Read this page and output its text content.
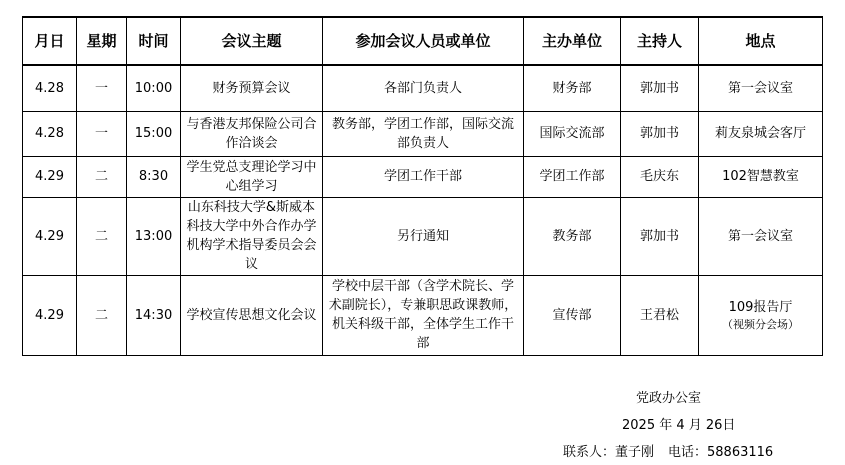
月日	星期	时间	会议主题	参加会议人员或单位	主办单位	主持人	地点
4.28	一	10:00	财务预算会议	各部门负责人	财务部	郭加书	第一会议室
4.28	一	15:00	与香港友邦保险公司合作洽谈会	教务部，学团工作部，国际交流部负责人	国际交流部	郭加书	莉友泉城会客厅
4.29	二	8:30	学生党总支理论学习中心组学习	学团工作干部	学团工作部	毛庆东	102智慧教室
4.29	二	13:00	山东科技大学&斯威本科技大学中外合作办学机构学术指导委员会会议	另行通知	教务部	郭加书	第一会议室
4.29	二	14:30	学校宣传思想文化会议	学校中层干部（含学术院长、学术副院长），专兼职思政课教师，机关科级干部，全体学生工作干部	宣传部	王君松	109报告厅
（视频分会场）
党政办公室
2025 年 4 月 26日
联系人：董子刚 电话：58863116
